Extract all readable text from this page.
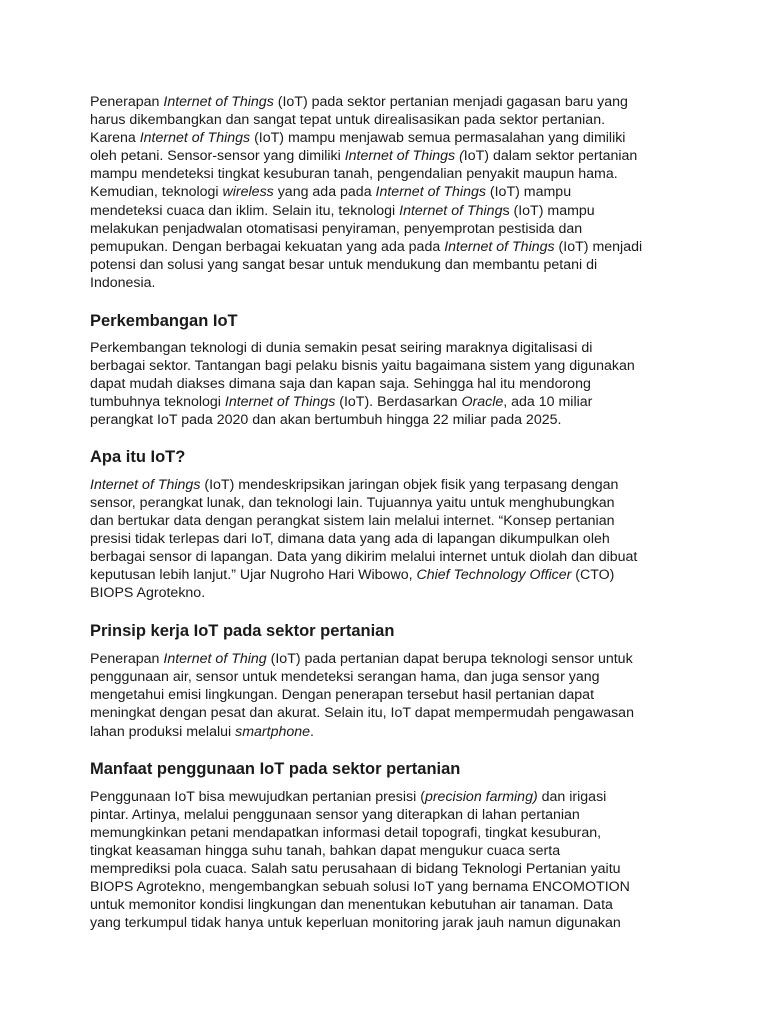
Penerapan Internet of Things (IoT) pada sektor pertanian menjadi gagasan baru yang
harus dikembangkan dan sangat tepat untuk direalisasikan pada sektor pertanian.
Karena Internet of Things (IoT) mampu menjawab semua permasalahan yang dimiliki
oleh petani. Sensor-sensor yang dimiliki Internet of Things (IoT) dalam sektor pertanian
mampu mendeteksi tingkat kesuburan tanah, pengendalian penyakit maupun hama.
Kemudian, teknologi wireless yang ada pada Internet of Things (IoT) mampu
mendeteksi cuaca dan iklim. Selain itu, teknologi Internet of Things (IoT) mampu
melakukan penjadwalan otomatisasi penyiraman, penyemprotan pestisida dan
pemupukan. Dengan berbagai kekuatan yang ada pada Internet of Things (IoT) menjadi
potensi dan solusi yang sangat besar untuk mendukung dan membantu petani di
Indonesia.

Perkembangan IoT

Perkembangan teknologi di dunia semakin pesat seiring maraknya digitalisasi di
berbagai sektor. Tantangan bagi pelaku bisnis yaitu bagaimana sistem yang digunakan
dapat mudah diakses dimana saja dan kapan saja. Sehingga hal itu mendorong
tumbuhnya teknologi Internet of Things (IoT). Berdasarkan Oracle, ada 10 miliar
perangkat IoT pada 2020 dan akan bertumbuh hingga 22 miliar pada 2025.

Apa itu IoT?

Internet of Things (IoT) mendeskripsikan jaringan objek fisik yang terpasang dengan
sensor, perangkat lunak, dan teknologi lain. Tujuannya yaitu untuk menghubungkan
dan bertukar data dengan perangkat sistem lain melalui internet. “Konsep pertanian
presisi tidak terlepas dari IoT, dimana data yang ada di lapangan dikumpulkan oleh
berbagai sensor di lapangan. Data yang dikirim melalui internet untuk diolah dan dibuat
keputusan lebih lanjut.” Ujar Nugroho Hari Wibowo, Chief Technology Officer (CTO)
BIOPS Agrotekno.

Prinsip kerja IoT pada sektor pertanian

Penerapan Internet of Thing (IoT) pada pertanian dapat berupa teknologi sensor untuk
penggunaan air, sensor untuk mendeteksi serangan hama, dan juga sensor yang
mengetahui emisi lingkungan. Dengan penerapan tersebut hasil pertanian dapat
meningkat dengan pesat dan akurat. Selain itu, IoT dapat mempermudah pengawasan
lahan produksi melalui smartphone.

Manfaat penggunaan IoT pada sektor pertanian

Penggunaan IoT bisa mewujudkan pertanian presisi (precision farming) dan irigasi
pintar. Artinya, melalui penggunaan sensor yang diterapkan di lahan pertanian
memungkinkan petani mendapatkan informasi detail topografi, tingkat kesuburan,
tingkat keasaman hingga suhu tanah, bahkan dapat mengukur cuaca serta
memprediksi pola cuaca. Salah satu perusahaan di bidang Teknologi Pertanian yaitu
BIOPS Agrotekno, mengembangkan sebuah solusi IoT yang bernama ENCOMOTION
untuk memonitor kondisi lingkungan dan menentukan kebutuhan air tanaman. Data
yang terkumpul tidak hanya untuk keperluan monitoring jarak jauh namun digunakan
